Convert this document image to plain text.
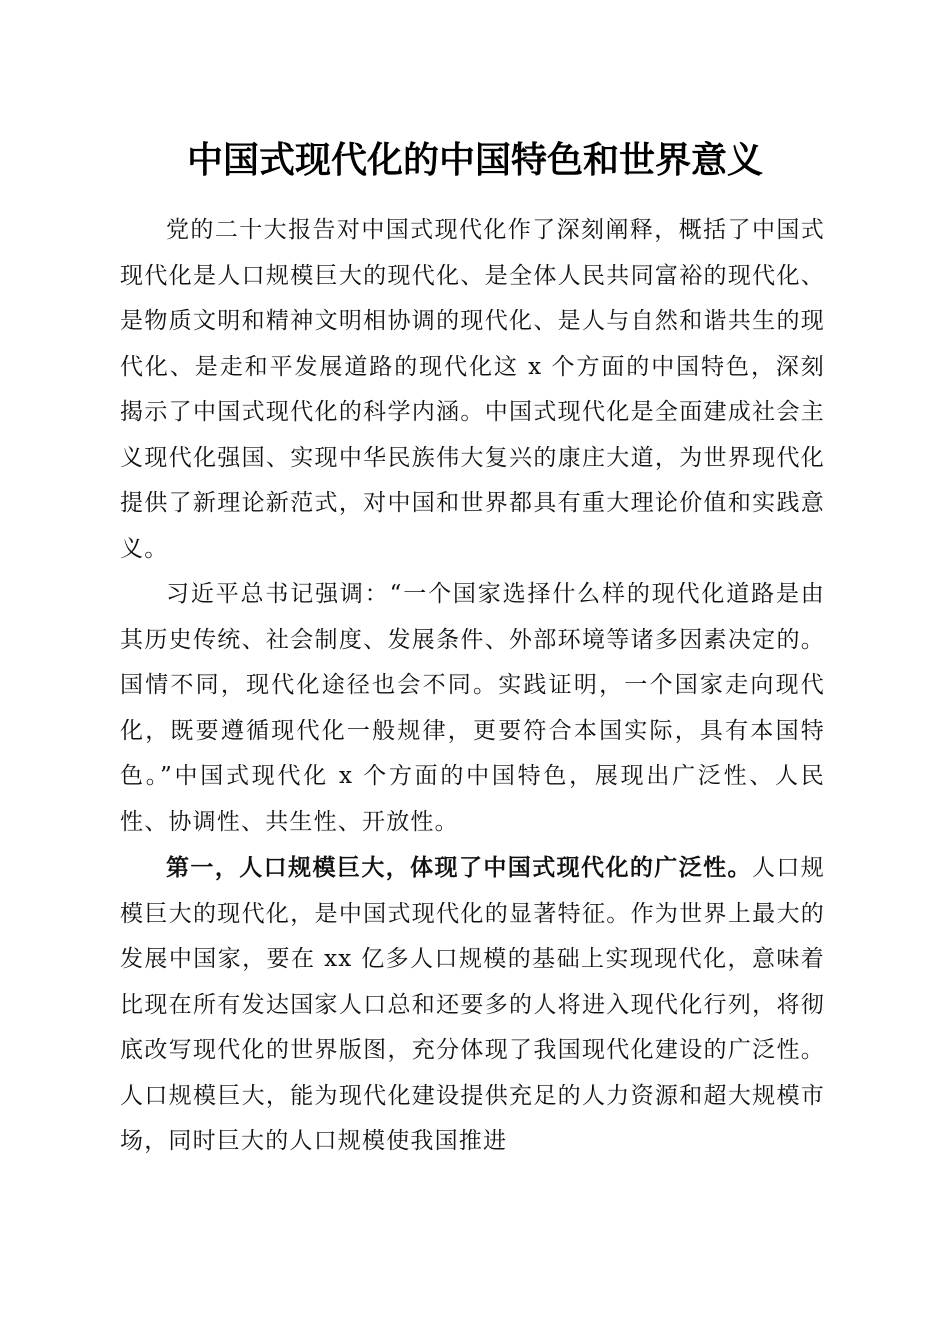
中国式现代化的中国特色和世界意义

党的二十大报告对中国式现代化作了深刻阐释，概括了中国式现代化是人口规模巨大的现代化、是全体人民共同富裕的现代化、是物质文明和精神文明相协调的现代化、是人与自然和谐共生的现代化、是走和平发展道路的现代化这 x 个方面的中国特色，深刻揭示了中国式现代化的科学内涵。中国式现代化是全面建成社会主义现代化强国、实现中华民族伟大复兴的康庄大道，为世界现代化提供了新理论新范式，对中国和世界都具有重大理论价值和实践意义。

习近平总书记强调：“一个国家选择什么样的现代化道路是由其历史传统、社会制度、发展条件、外部环境等诸多因素决定的。国情不同，现代化途径也会不同。实践证明，一个国家走向现代化，既要遵循现代化一般规律，更要符合本国实际，具有本国特色。”中国式现代化 x 个方面的中国特色，展现出广泛性、人民性、协调性、共生性、开放性。

第一，人口规模巨大，体现了中国式现代化的广泛性。人口规模巨大的现代化，是中国式现代化的显著特征。作为世界上最大的发展中国家，要在 xx 亿多人口规模的基础上实现现代化，意味着比现在所有发达国家人口总和还要多的人将进入现代化行列，将彻底改写现代化的世界版图，充分体现了我国现代化建设的广泛性。人口规模巨大，能为现代化建设提供充足的人力资源和超大规模市场，同时巨大的人口规模使我国推进
